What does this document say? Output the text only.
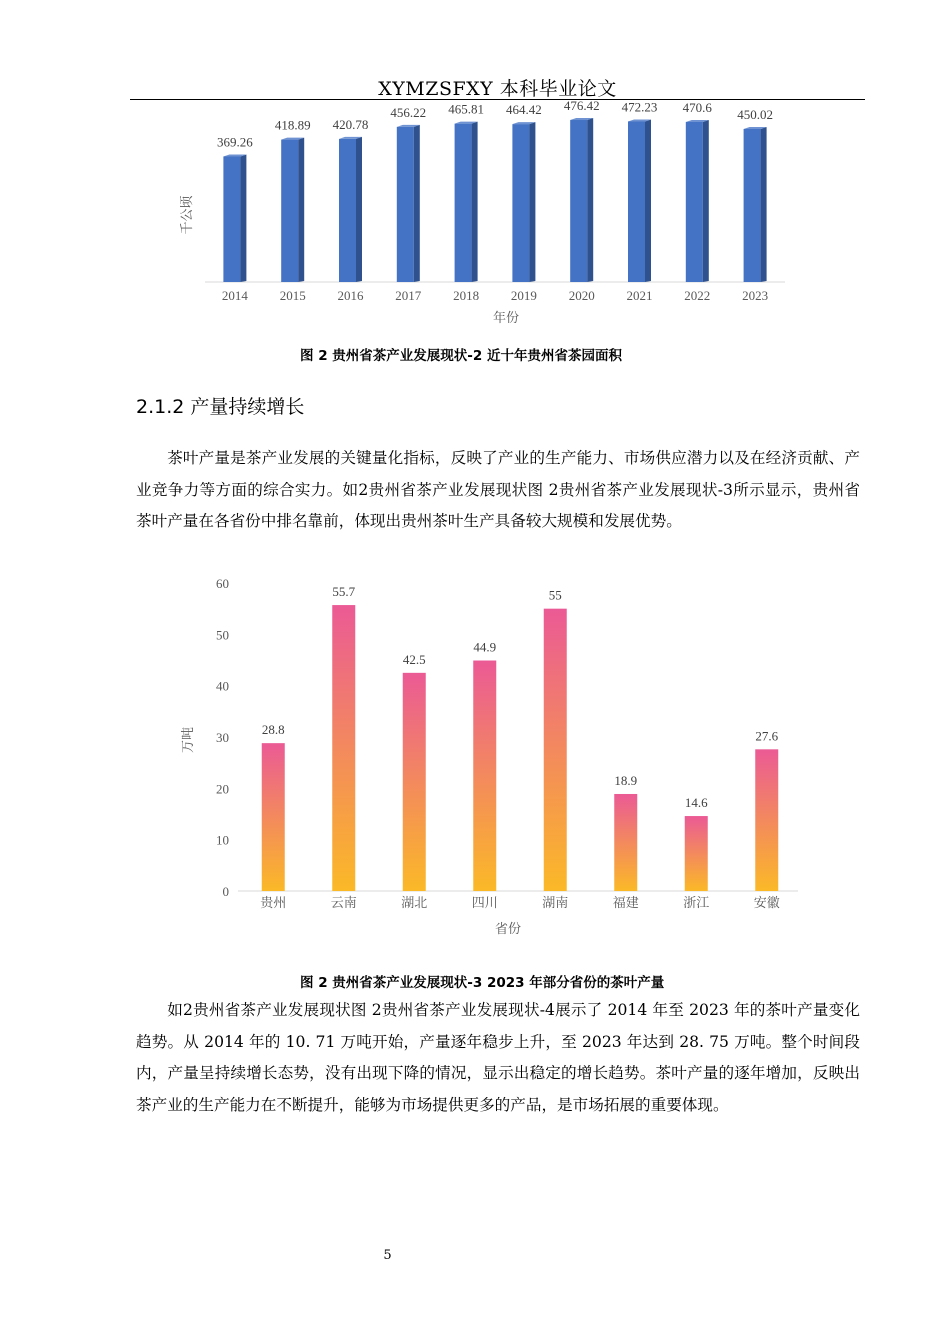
XYMZSFXY 本科毕业论文
千公顷
369.26
418.89 420.78
456.22 465.81 464.42 476.42 472.23 470.6 450.02
2014 2015 2016 2017 2018 2019 2020 2021 2022 2023
年份
图 2 贵州省茶产业发展现状-2 近十年贵州省茶园面积
2.1.2 产量持续增长

茶叶产量是茶产业发展的关键量化指标，反映了产业的生产能力、市场供应潜力以及在经济贡献、产业竞争力等方面的综合实力。如2贵州省茶产业发展现状图 2贵州省茶产业发展现状-3所示显示，贵州省茶叶产量在各省份中排名靠前，体现出贵州茶叶生产具备较大规模和发展优势。

万吨
0
10
20
30
40
50
60
28.8
55.7
42.5
44.9
55
18.9
14.6
27.6
贵州	云南	湖北	四川	湖南	福建	浙江	安徽
省份
图 2 贵州省茶产业发展现状-3 2023 年部分省份的茶叶产量

如2贵州省茶产业发展现状图 2贵州省茶产业发展现状-4展示了 2014 年至 2023 年的茶叶产量变化趋势。从 2014 年的 10. 71 万吨开始，产量逐年稳步上升，至 2023 年达到 28. 75 万吨。整个时间段内，产量呈持续增长态势，没有出现下降的情况，显示出稳定的增长趋势。茶叶产量的逐年增加，反映出茶产业的生产能力在不断提升，能够为市场提供更多的产品，是市场拓展的重要体现。

5
